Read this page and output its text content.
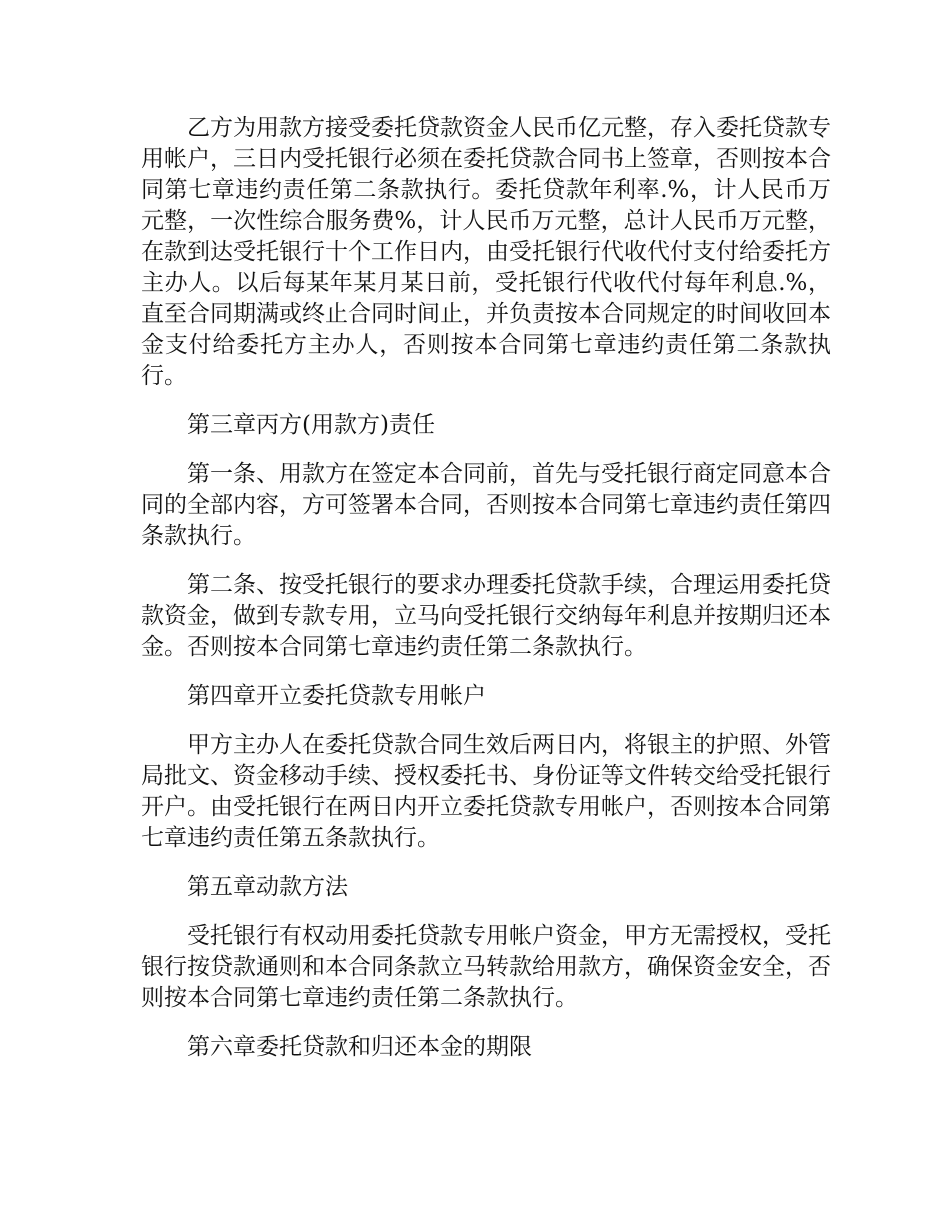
乙方为用款方接受委托贷款资金人民币亿元整，存入委托贷款专用帐户，三日内受托银行必须在委托贷款合同书上签章，否则按本合同第七章违约责任第二条款执行。委托贷款年利率.%，计人民币万元整，一次性综合服务费%，计人民币万元整，总计人民币万元整，在款到达受托银行十个工作日内，由受托银行代收代付支付给委托方主办人。以后每某年某月某日前，受托银行代收代付每年利息.%，直至合同期满或终止合同时间止，并负责按本合同规定的时间收回本金支付给委托方主办人，否则按本合同第七章违约责任第二条款执行。

第三章丙方(用款方)责任

第一条、用款方在签定本合同前，首先与受托银行商定同意本合同的全部内容，方可签署本合同，否则按本合同第七章违约责任第四条款执行。

第二条、按受托银行的要求办理委托贷款手续，合理运用委托贷款资金，做到专款专用，立马向受托银行交纳每年利息并按期归还本金。否则按本合同第七章违约责任第二条款执行。

第四章开立委托贷款专用帐户

甲方主办人在委托贷款合同生效后两日内，将银主的护照、外管局批文、资金移动手续、授权委托书、身份证等文件转交给受托银行开户。由受托银行在两日内开立委托贷款专用帐户，否则按本合同第七章违约责任第五条款执行。

第五章动款方法

受托银行有权动用委托贷款专用帐户资金，甲方无需授权，受托银行按贷款通则和本合同条款立马转款给用款方，确保资金安全，否则按本合同第七章违约责任第二条款执行。

第六章委托贷款和归还本金的期限
